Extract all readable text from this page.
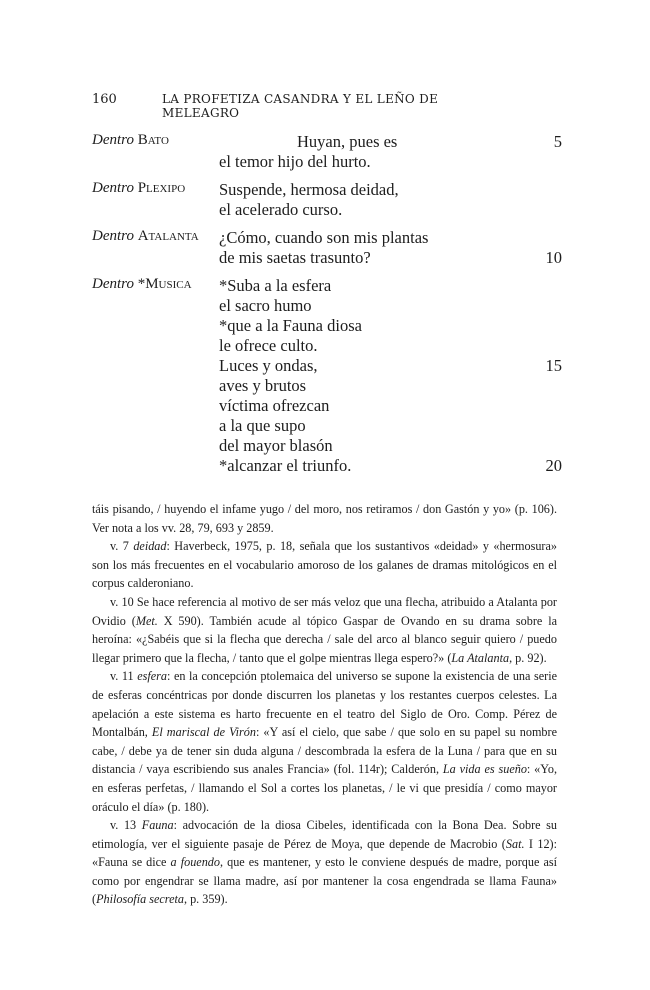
160	LA PROFETIZA CASANDRA Y EL LEÑO DE MELEAGRO
Dentro Bato	Huyan, pues es	5
el temor hijo del hurto.
Dentro Plexipo	Suspende, hermosa deidad,
el acelerado curso.
Dentro Atalanta	¿Cómo, cuando son mis plantas
de mis saetas trasunto?	10
Dentro *Musica	*Suba a la esfera
el sacro humo
*que a la Fauna diosa
le ofrece culto.
Luces y ondas,	15
aves y brutos
víctima ofrezcan
a la que supo
del mayor blasón
*alcanzar el triunfo.	20

táis pisando, / huyendo el infame yugo / del moro, nos retiramos / don Gastón y yo» (p. 106). Ver nota a los vv. 28, 79, 693 y 2859.

v. 7 deidad: Haverbeck, 1975, p. 18, señala que los sustantivos «deidad» y «hermosura» son los más frecuentes en el vocabulario amoroso de los galanes de dramas mitológicos en el corpus calderoniano.

v. 10 Se hace referencia al motivo de ser más veloz que una flecha, atribuido a Atalanta por Ovidio (Met. X 590). También acude al tópico Gaspar de Ovando en su drama sobre la heroína: «¿Sabéis que si la flecha que derecha / sale del arco al blanco seguir quiero / puedo llegar primero que la flecha, / tanto que el golpe mientras llega espero?» (La Atalanta, p. 92).

v. 11 esfera: en la concepción ptolemaica del universo se supone la existencia de una serie de esferas concéntricas por donde discurren los planetas y los restantes cuerpos celestes. La apelación a este sistema es harto frecuente en el teatro del Siglo de Oro. Comp. Pérez de Montalbán, El mariscal de Virón: «Y así el cielo, que sabe / que solo en su papel su nombre cabe, / debe ya de tener sin duda alguna / descombrada la esfera de la Luna / para que en su distancia / vaya escribiendo sus anales Francia» (fol. 114r); Calderón, La vida es sueño: «Yo, en esferas perfetas, / llamando el Sol a cortes los planetas, / le vi que presidía / como mayor oráculo el día» (p. 180).

v. 13 Fauna: advocación de la diosa Cibeles, identificada con la Bona Dea. Sobre su etimología, ver el siguiente pasaje de Pérez de Moya, que depende de Macrobio (Sat. I 12): «Fauna se dice a fouendo, que es mantener, y esto le conviene después de madre, porque así como por engendrar se llama madre, así por mantener la cosa engendrada se llama Fauna» (Philosofía secreta, p. 359).
